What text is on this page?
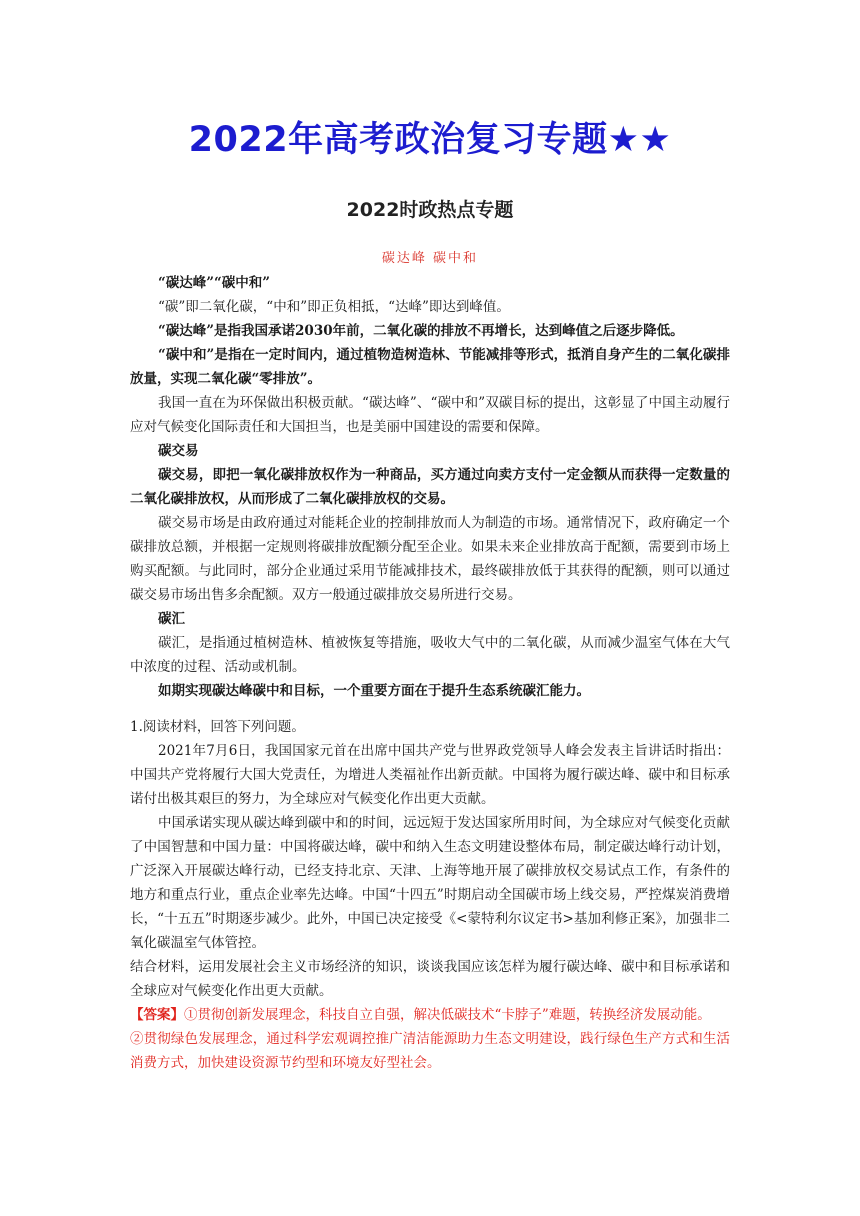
2022年高考政治复习专题★★
2022时政热点专题
碳达峰 碳中和

“碳达峰”“碳中和”

“碳”即二氧化碳，“中和”即正负相抵，“达峰”即达到峰值。

“碳达峰”是指我国承诺2030年前，二氧化碳的排放不再增长，达到峰值之后逐步降低。

“碳中和”是指在一定时间内，通过植物造树造林、节能减排等形式，抵消自身产生的二氧化碳排放量，实现二氧化碳“零排放”。

我国一直在为环保做出积极贡献。“碳达峰”、“碳中和”双碳目标的提出，这彰显了中国主动履行应对气候变化国际责任和大国担当，也是美丽中国建设的需要和保障。

碳交易

碳交易，即把一氧化碳排放权作为一种商品，买方通过向卖方支付一定金额从而获得一定数量的二氧化碳排放权，从而形成了二氧化碳排放权的交易。

碳交易市场是由政府通过对能耗企业的控制排放而人为制造的市场。通常情况下，政府确定一个碳排放总额，并根据一定规则将碳排放配额分配至企业。如果未来企业排放高于配额，需要到市场上购买配额。与此同时，部分企业通过采用节能减排技术，最终碳排放低于其获得的配额，则可以通过碳交易市场出售多余配额。双方一般通过碳排放交易所进行交易。

碳汇

碳汇，是指通过植树造林、植被恢复等措施，吸收大气中的二氧化碳，从而减少温室气体在大气中浓度的过程、活动或机制。

如期实现碳达峰碳中和目标，一个重要方面在于提升生态系统碳汇能力。

1.阅读材料，回答下列问题。

2021年7月6日，我国国家元首在出席中国共产党与世界政党领导人峰会发表主旨讲话时指出：中国共产党将履行大国大党责任，为增进人类福祉作出新贡献。中国将为履行碳达峰、碳中和目标承诺付出极其艰巨的努力，为全球应对气候变化作出更大贡献。

中国承诺实现从碳达峰到碳中和的时间，远远短于发达国家所用时间，为全球应对气候变化贡献了中国智慧和中国力量：中国将碳达峰，碳中和纳入生态文明建设整体布局，制定碳达峰行动计划，广泛深入开展碳达峰行动，已经支持北京、天津、上海等地开展了碳排放权交易试点工作，有条件的地方和重点行业，重点企业率先达峰。中国“十四五”时期启动全国碳市场上线交易，严控煤炭消费增长，“十五五”时期逐步减少。此外，中国已决定接受《<蒙特利尔议定书>基加利修正案》，加强非二氧化碳温室气体管控。

结合材料，运用发展社会主义市场经济的知识，谈谈我国应该怎样为履行碳达峰、碳中和目标承诺和全球应对气候变化作出更大贡献。

【答案】①贯彻创新发展理念，科技自立自强，解决低碳技术“卡脖子”难题，转换经济发展动能。

②贯彻绿色发展理念，通过科学宏观调控推广清洁能源助力生态文明建设，践行绿色生产方式和生活消费方式，加快建设资源节约型和环境友好型社会。
